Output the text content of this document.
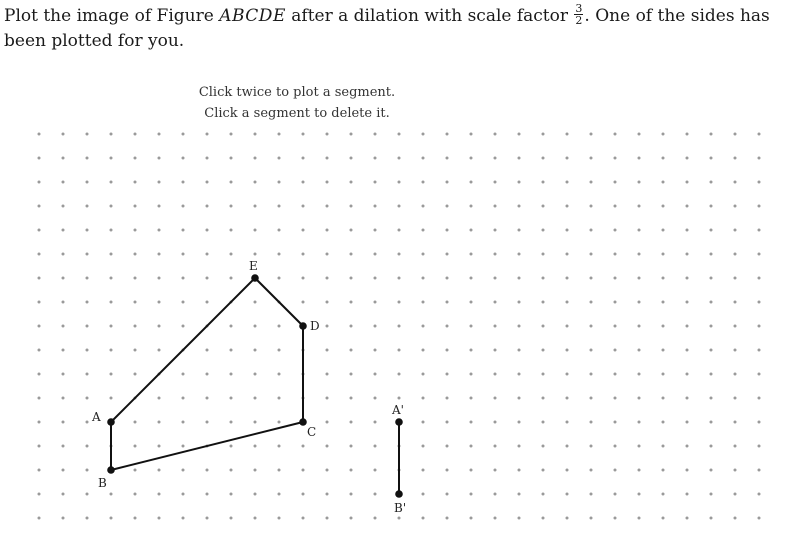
Plot the image of Figure ABCDE after a dilation with scale factor $\frac{3}{2}$ . One of the sides has been plotted for you.
Click twice to plot a segment.
Click a segment to delete it.
A
B
C
D
E
A'
B'
